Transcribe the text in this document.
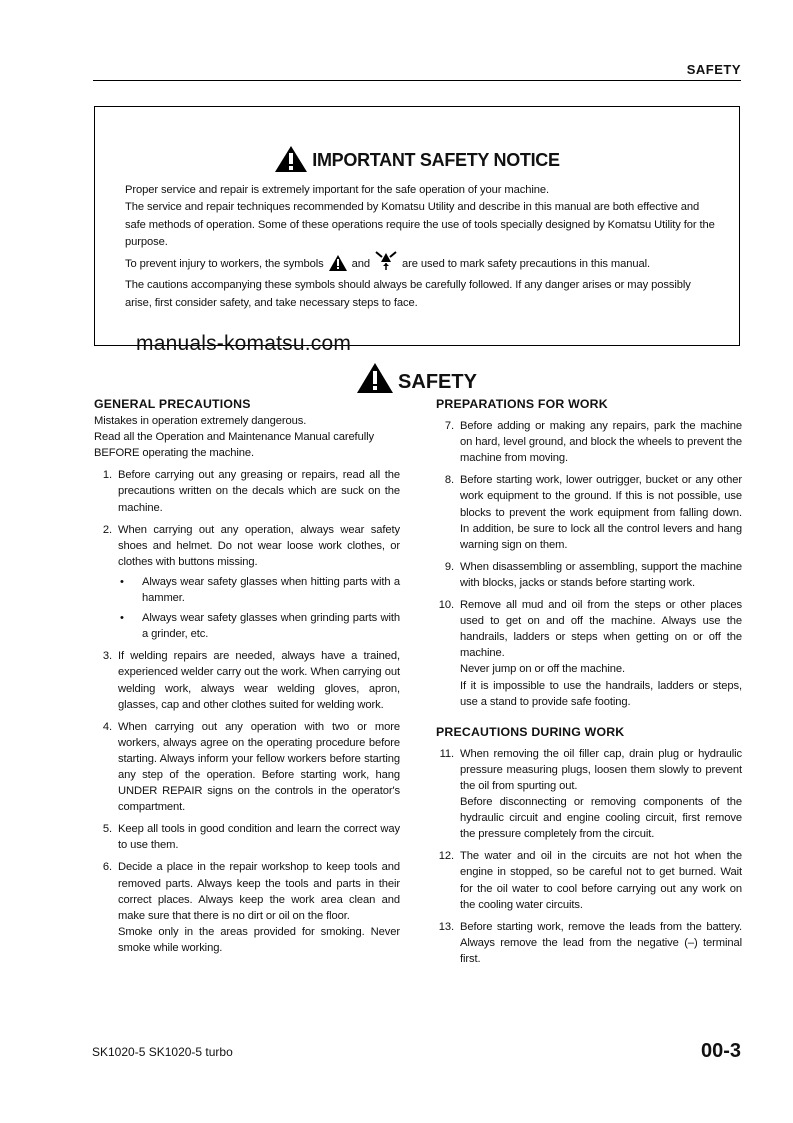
SAFETY
IMPORTANT SAFETY NOTICE

Proper service and repair is extremely important for the safe operation of your machine.

The service and repair techniques recommended by Komatsu Utility and describe in this manual are both effective and safe methods of operation. Some of these operations require the use of tools specially designed by Komatsu Utility for the purpose.

To prevent injury to workers, the symbols	and	are used to mark safety precautions in this manual.

The cautions accompanying these symbols should always be carefully followed. If any danger arises or may possibly arise, first consider safety, and take necessary steps to face.

manuals-komatsu.com
SAFETY
GENERAL PRECAUTIONS

Mistakes in operation extremely dangerous.

Read all the Operation and Maintenance Manual carefully BEFORE operating the machine.

1. Before carrying out any greasing or repairs, read all the precautions written on the decals which are suck on the machine.

2. When carrying out any operation, always wear safety shoes and helmet. Do not wear loose work clothes, or clothes with buttons missing.

•	Always wear safety glasses when hitting parts with a hammer.
•	Always wear safety glasses when grinding parts with a grinder, etc.
3. If welding repairs are needed, always have a trained, experienced welder carry out the work. When carrying out welding work, always wear welding gloves, apron, glasses, cap and other clothes suited for welding work.

4. When carrying out any operation with two or more workers, always agree on the operating procedure before starting. Always inform your fellow workers before starting any step of the operation. Before starting work, hang UNDER REPAIR signs on the controls in the operator's compartment.

5. Keep all tools in good condition and learn the correct way to use them.

6. Decide a place in the repair workshop to keep tools and removed parts. Always keep the tools and parts in their correct places. Always keep the work area clean and make sure that there is no dirt or oil on the floor.

Smoke only in the areas provided for smoking. Never smoke while working.

PREPARATIONS FOR WORK
7. Before adding or making any repairs, park the machine on hard, level ground, and block the wheels to prevent the machine from moving.

8. Before starting work, lower outrigger, bucket or any other work equipment to the ground. If this is not possible, use blocks to prevent the work equipment from falling down. In addition, be sure to lock all the control levers and hang warning sign on them.

9. When disassembling or assembling, support the machine with blocks, jacks or stands before starting work.

10. Remove all mud and oil from the steps or other places used to get on and off the machine. Always use the handrails, ladders or steps when getting on or off the machine.

Never jump on or off the machine.

If it is impossible to use the handrails, ladders or steps, use a stand to provide safe footing.

PRECAUTIONS DURING WORK
11. When removing the oil filler cap, drain plug or hydraulic pressure measuring plugs, loosen them slowly to prevent the oil from spurting out.

Before disconnecting or removing components of the hydraulic circuit and engine cooling circuit, first remove the pressure completely from the circuit.

12. The water and oil in the circuits are not hot when the engine in stopped, so be careful not to get burned. Wait for the oil water to cool before carrying out any work on the cooling water circuits.

13. Before starting work, remove the leads from the battery. Always remove the lead from the negative (–) terminal first.

SK1020-5 SK1020-5 turbo	00-3
